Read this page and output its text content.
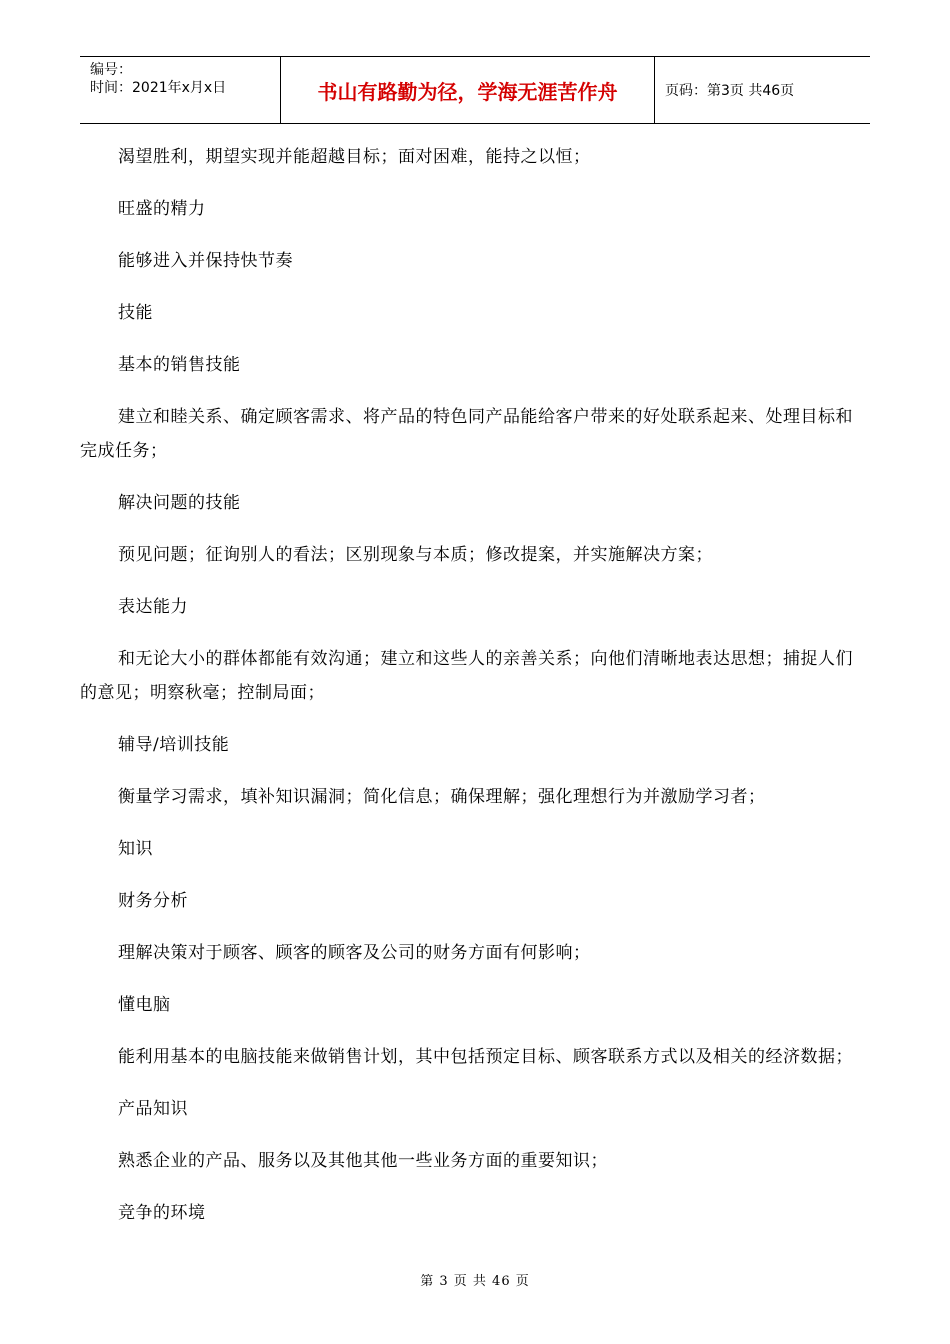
编号：
时间：2021年x月x日	书山有路勤为径，学海无涯苦作舟	页码：第3页 共46页

渴望胜利，期望实现并能超越目标；面对困难，能持之以恒；

旺盛的精力

能够进入并保持快节奏

技能

基本的销售技能

建立和睦关系、确定顾客需求、将产品的特色同产品能给客户带来的好处联系起来、处理目标和完成任务；

解决问题的技能

预见问题；征询别人的看法；区别现象与本质；修改提案，并实施解决方案；

表达能力

和无论大小的群体都能有效沟通；建立和这些人的亲善关系；向他们清晰地表达思想；捕捉人们的意见；明察秋毫；控制局面；

辅导/培训技能

衡量学习需求，填补知识漏洞；简化信息；确保理解；强化理想行为并激励学习者；

知识

财务分析

理解决策对于顾客、顾客的顾客及公司的财务方面有何影响；

懂电脑

能利用基本的电脑技能来做销售计划，其中包括预定目标、顾客联系方式以及相关的经济数据；

产品知识

熟悉企业的产品、服务以及其他其他一些业务方面的重要知识；

竞争的环境

第 3 页 共 46 页
